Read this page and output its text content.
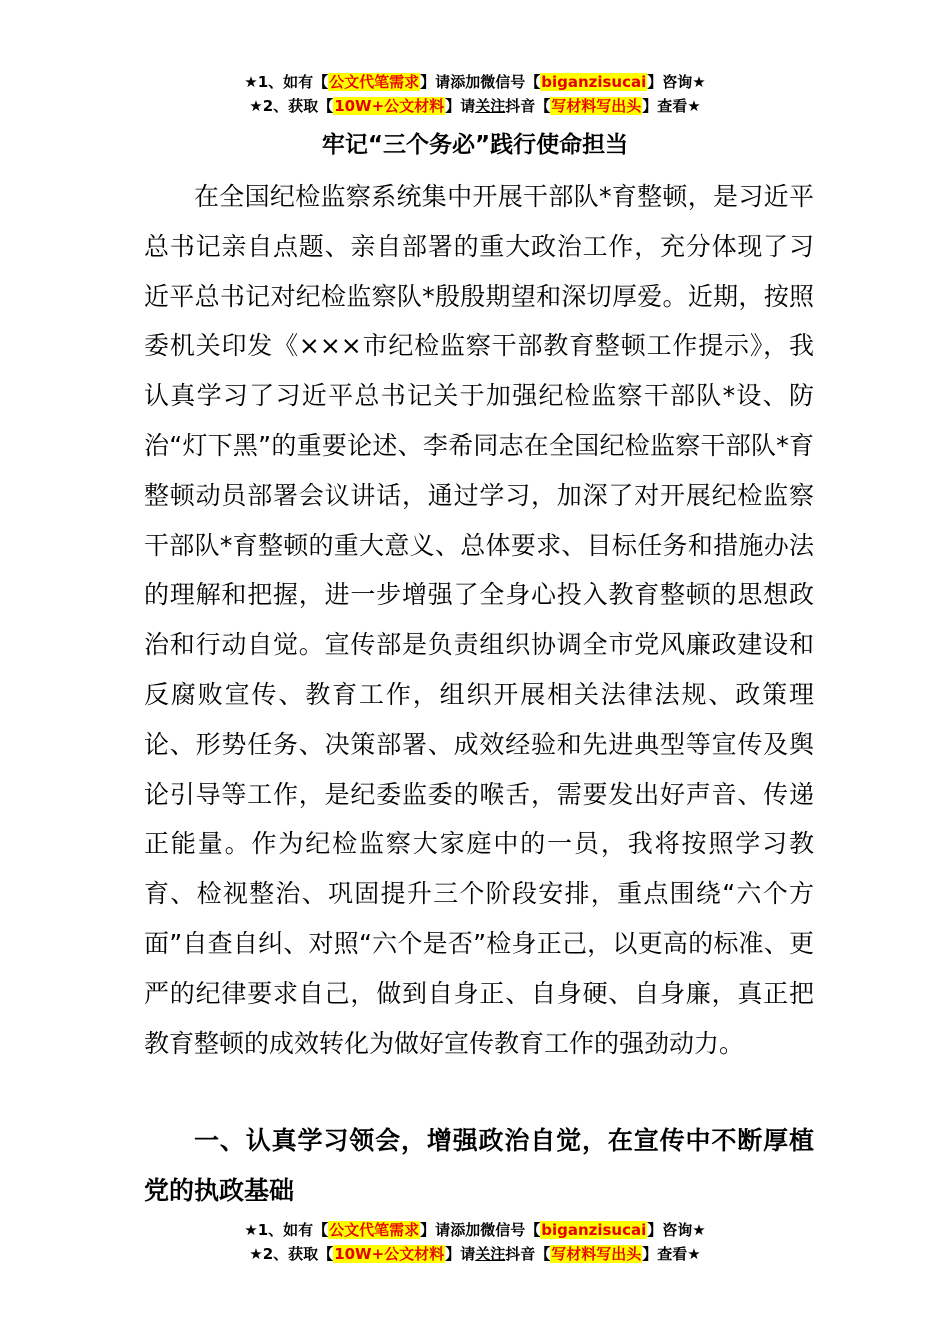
★1、如有【公文代笔需求】请添加微信号【biganzisucai】咨询★
★2、获取【10W+公文材料】请关注抖音【写材料写出头】查看★
牢记“三个务必”践行使命担当

在全国纪检监察系统集中开展干部队*育整顿，是习近平总书记亲自点题、亲自部署的重大政治工作，充分体现了习近平总书记对纪检监察队*殷殷期望和深切厚爱。近期，按照委机关印发《×××市纪检监察干部教育整顿工作提示》，我认真学习了习近平总书记关于加强纪检监察干部队*设、防治“灯下黑”的重要论述、李希同志在全国纪检监察干部队*育整顿动员部署会议讲话，通过学习，加深了对开展纪检监察干部队*育整顿的重大意义、总体要求、目标任务和措施办法的理解和把握，进一步增强了全身心投入教育整顿的思想政治和行动自觉。宣传部是负责组织协调全市党风廉政建设和反腐败宣传、教育工作，组织开展相关法律法规、政策理论、形势任务、决策部署、成效经验和先进典型等宣传及舆论引导等工作，是纪委监委的喉舌，需要发出好声音、传递正能量。作为纪检监察大家庭中的一员，我将按照学习教育、检视整治、巩固提升三个阶段安排，重点围绕“六个方面”自查自纠、对照“六个是否”检身正己，以更高的标准、更严的纪律要求自己，做到自身正、自身硬、自身廉，真正把教育整顿的成效转化为做好宣传教育工作的强劲动力。

一、认真学习领会，增强政治自觉，在宣传中不断厚植党的执政基础

★1、如有【公文代笔需求】请添加微信号【biganzisucai】咨询★
★2、获取【10W+公文材料】请关注抖音【写材料写出头】查看★
